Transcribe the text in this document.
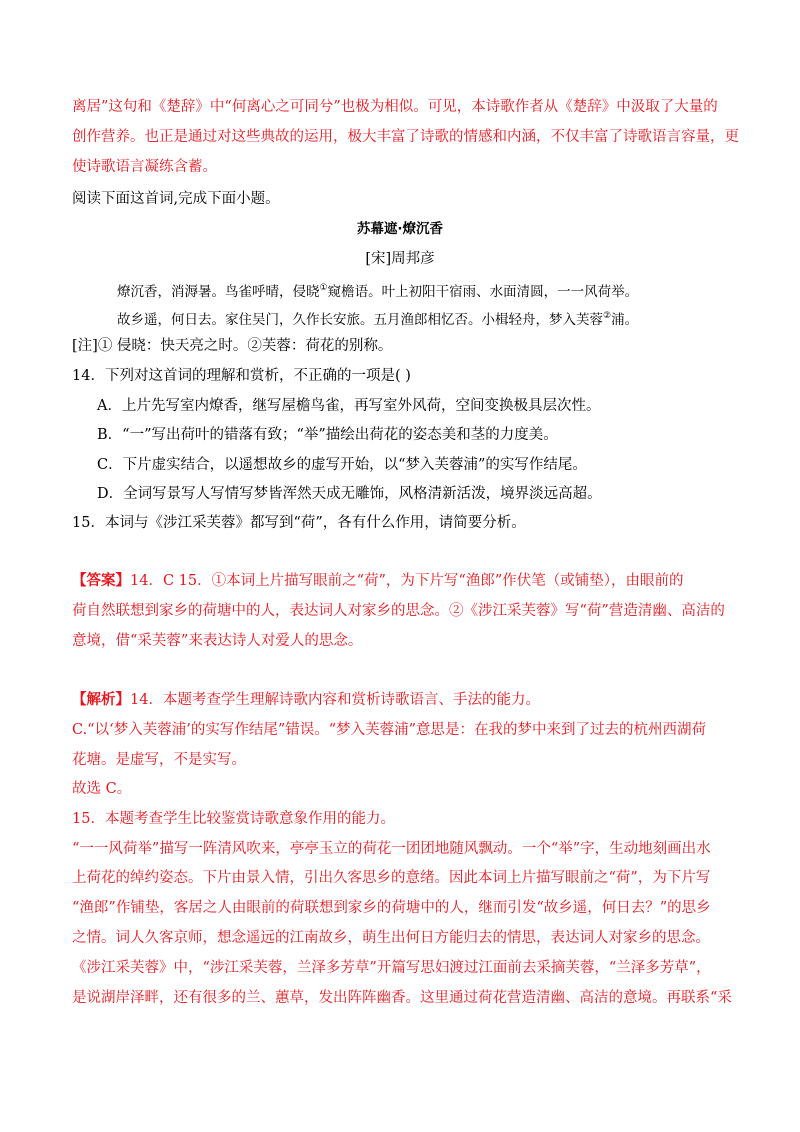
离居”这句和《楚辞》中“何离心之可同兮”也极为相似。可见，本诗歌作者从《楚辞》中汲取了大量的
创作营养。也正是通过对这些典故的运用，极大丰富了诗歌的情感和内涵，不仅丰富了诗歌语言容量，更
使诗歌语言凝练含蓄。
阅读下面这首词,完成下面小题。
苏幕遮·燎沉香
[宋]周邦彦
燎沉香，消溽暑。鸟雀呼晴，侵晓①窥檐语。叶上初阳干宿雨、水面清圆，一一风荷举。
故乡遥，何日去。家住吴门，久作长安旅。五月渔郎相忆否。小楫轻舟，梦入芙蓉②浦。
[注]① 侵晓：快天亮之时。②芙蓉：荷花的别称。
14．下列对这首词的理解和赏析，不正确的一项是( )
A．上片先写室内燎香，继写屋檐鸟雀，再写室外风荷，空间变换极具层次性。
B．“一”写出荷叶的错落有致；“举”描绘出荷花的姿态美和茎的力度美。
C．下片虚实结合，以遥想故乡的虚写开始，以“梦入芙蓉浦”的实写作结尾。
D．全词写景写人写情写梦皆浑然天成无雕饰，风格清新活泼，境界淡远高超。
15．本词与《涉江采芙蓉》都写到“荷”，各有什么作用，请简要分析。
【答案】14．C 15．①本词上片描写眼前之“荷”，为下片写“渔郎”作伏笔（或铺垫），由眼前的
荷自然联想到家乡的荷塘中的人，表达词人对家乡的思念。②《涉江采芙蓉》写“荷”营造清幽、高洁的
意境，借“采芙蓉”来表达诗人对爱人的思念。
【解析】14．本题考查学生理解诗歌内容和赏析诗歌语言、手法的能力。
C.“以‘梦入芙蓉浦’的实写作结尾”错误。“梦入芙蓉浦”意思是：在我的梦中来到了过去的杭州西湖荷
花塘。是虚写，不是实写。
故选 C。
15．本题考查学生比较鉴赏诗歌意象作用的能力。
“一一风荷举”描写一阵清风吹来，亭亭玉立的荷花一团团地随风飘动。一个“举”字，生动地刻画出水
上荷花的绰约姿态。下片由景入情，引出久客思乡的意绪。因此本词上片描写眼前之“荷”，为下片写
“渔郎”作铺垫，客居之人由眼前的荷联想到家乡的荷塘中的人，继而引发“故乡遥，何日去？”的思乡
之情。词人久客京师，想念遥远的江南故乡，萌生出何日方能归去的情思，表达词人对家乡的思念。
《涉江采芙蓉》中，“涉江采芙蓉，兰泽多芳草”开篇写思妇渡过江面前去采摘芙蓉，“兰泽多芳草”，
是说湖岸泽畔，还有很多的兰、蕙草，发出阵阵幽香。这里通过荷花营造清幽、高洁的意境。再联系“采
